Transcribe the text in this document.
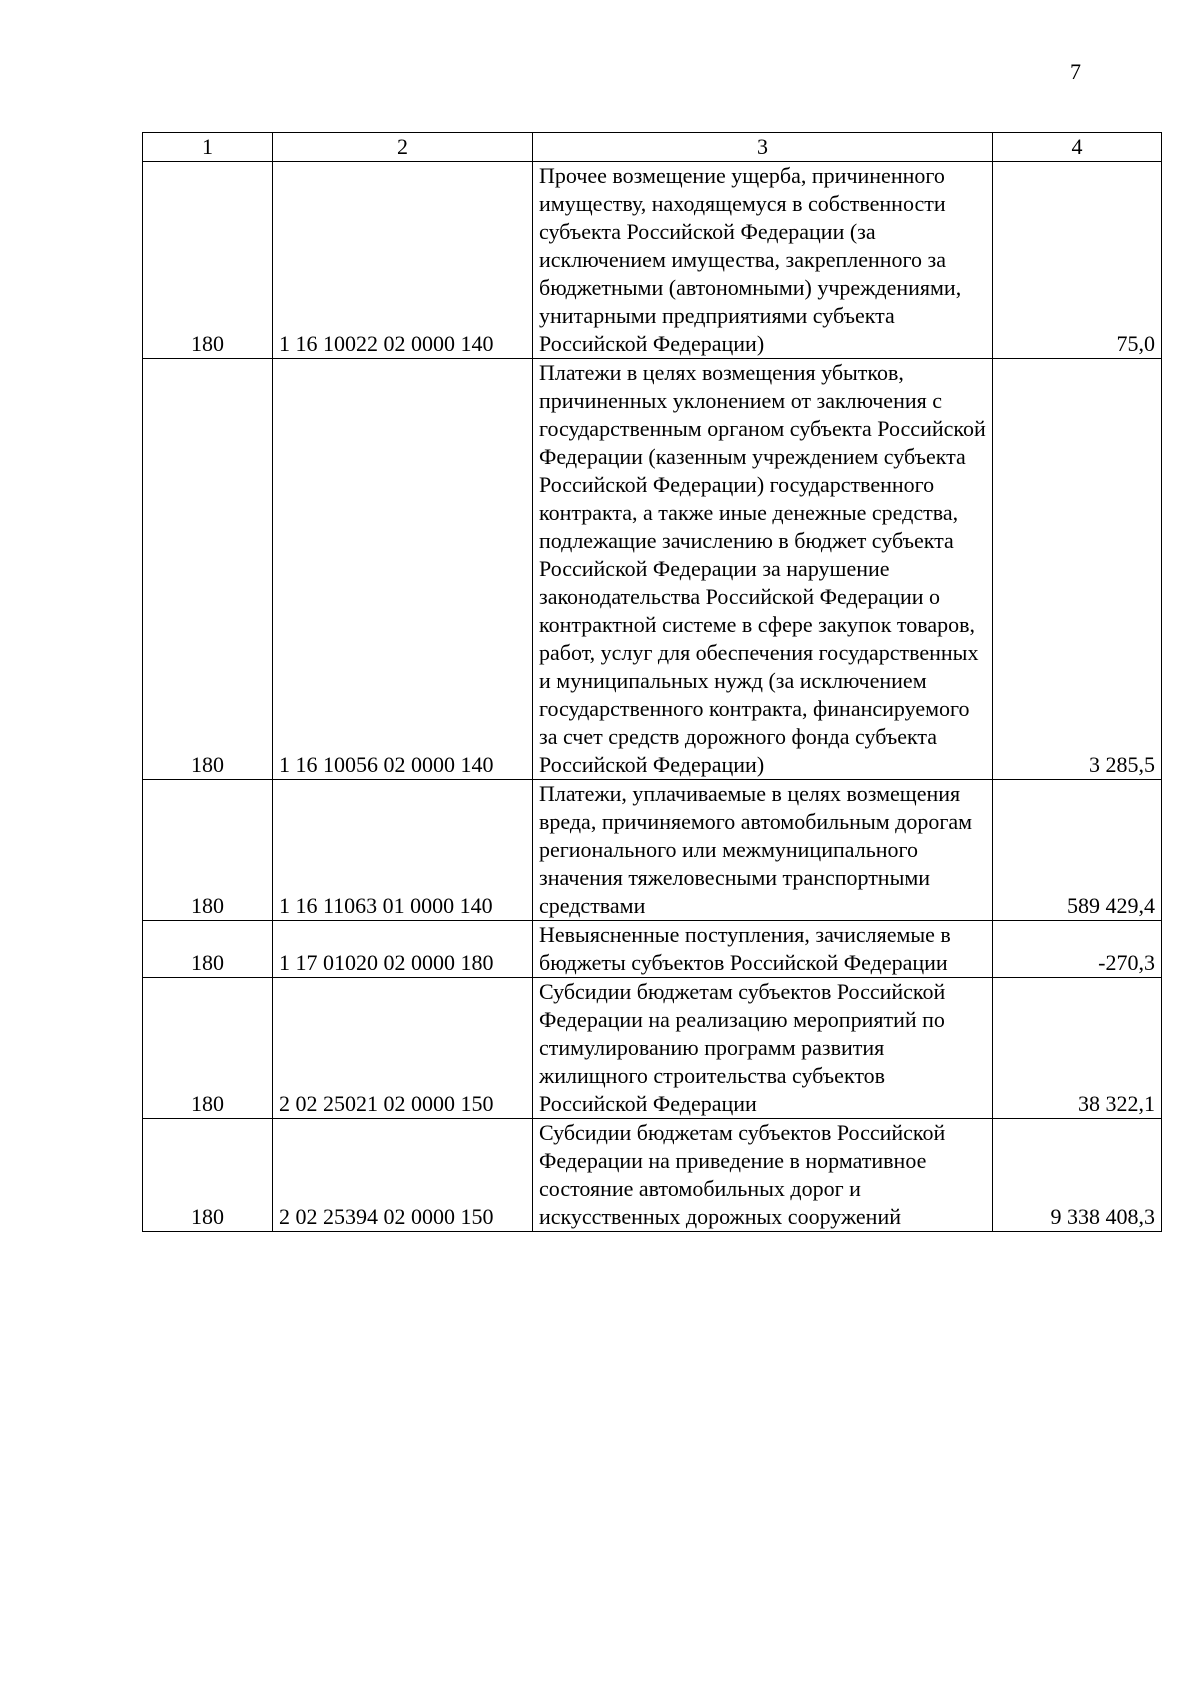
7
1	2	3	4
180	1 16 10022 02 0000 140	Прочее возмещение ущерба, причиненного имуществу, находящемуся в собственности субъекта Российской Федерации (за исключением имущества, закрепленного за бюджетными (автономными) учреждениями, унитарными предприятиями субъекта Российской Федерации)	75,0
180	1 16 10056 02 0000 140	Платежи в целях возмещения убытков, причиненных уклонением от заключения с государственным органом субъекта Российской Федерации (казенным учреждением субъекта Российской Федерации) государственного контракта, а также иные денежные средства, подлежащие зачислению в бюджет субъекта Российской Федерации за нарушение законодательства Российской Федерации о контрактной системе в сфере закупок товаров, работ, услуг для обеспечения государственных и муниципальных нужд (за исключением государственного контракта, финансируемого за счет средств дорожного фонда субъекта Российской Федерации)	3 285,5
180	1 16 11063 01 0000 140	Платежи, уплачиваемые в целях возмещения вреда, причиняемого автомобильным дорогам регионального или межмуниципального значения тяжеловесными транспортными средствами	589 429,4
180	1 17 01020 02 0000 180	Невыясненные поступления, зачисляемые в бюджеты субъектов Российской Федерации	-270,3
180	2 02 25021 02 0000 150	Субсидии бюджетам субъектов Российской Федерации на реализацию мероприятий по стимулированию программ развития жилищного строительства субъектов Российской Федерации	38 322,1
180	2 02 25394 02 0000 150	Субсидии бюджетам субъектов Российской Федерации на приведение в нормативное состояние автомобильных дорог и искусственных дорожных сооружений	9 338 408,3
